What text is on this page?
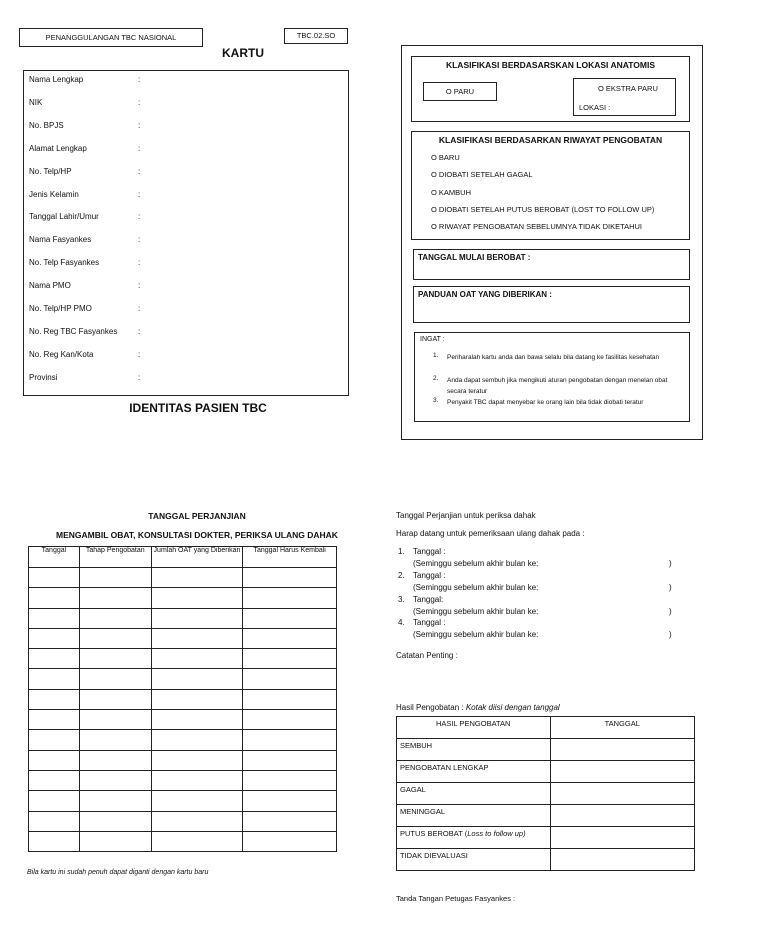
PENANGGULANGAN TBC NASIONAL	TBC.02.SO
KARTU
Nama Lengkap	:
NIK	:
No. BPJS	:
Alamat Lengkap	:
No. Telp/HP	:
Jenis Kelamin	:
Tanggal Lahir/Umur	:
Nama Fasyankes	:
No. Telp Fasyankes	:
Nama PMO	:
No. Telp/HP PMO	:
No. Reg TBC Fasyankes	:
No. Reg Kan/Kota	:
Provinsi	:
IDENTITAS PASIEN TBC
KLASIFIKASI BERDASARSKAN LOKASI ANATOMIS
O PARU	O EKSTRA PARU
LOKASI :
KLASIFIKASI BERDASARKAN RIWAYAT PENGOBATAN
O BARU
O DIOBATI SETELAH GAGAL
O KAMBUH
O DIOBATI SETELAH PUTUS BEROBAT (LOST TO FOLLOW UP)
O RIWAYAT PENGOBATAN SEBELUMNYA TIDAK DIKETAHUI
TANGGAL MULAI BEROBAT :
PANDUAN OAT YANG DIBERIKAN :
INGAT :
1. Periharalah kartu anda dan bawa selalu bila datang ke fasilitas kesehatan
2. Anda dapat sembuh jika mengikuti aturan pengobatan dengan menelan obat secara teratur
3. Penyakit TBC dapat menyebar ke orang lain bila tidak diobati teratur
TANGGAL PERJANJIAN
MENGAMBIL OBAT, KONSULTASI DOKTER, PERIKSA ULANG DAHAK
Tanggal	Tahap Pengobatan	Jumlah OAT yang Diberikan	Tanggal Harus Kembali

Bila kartu ini sudah penuh dapat diganti dengan kartu baru
Tanggal Perjanjian untuk periksa dahak
Harap datang untuk pemeriksaan ulang dahak pada :
1. Tanggal :
(Seminggu sebelum akhir bulan ke:	)
2. Tanggal :
(Seminggu sebelum akhir bulan ke:	)
3. Tanggal:
(Seminggu sebelum akhir bulan ke:	)
4. Tanggal :
(Seminggu sebelum akhir bulan ke:	)
Catatan Penting :
Hasil Pengobatan : Kotak diisi dengan tanggal
HASIL PENGOBATAN	TANGGAL
SEMBUH	
PENGOBATAN LENGKAP	
GAGAL	
MENINGGAL	
PUTUS BEROBAT (Loss to follow up)	
TIDAK DIEVALUASI	
Tanda Tangan Petugas Fasyankes :
